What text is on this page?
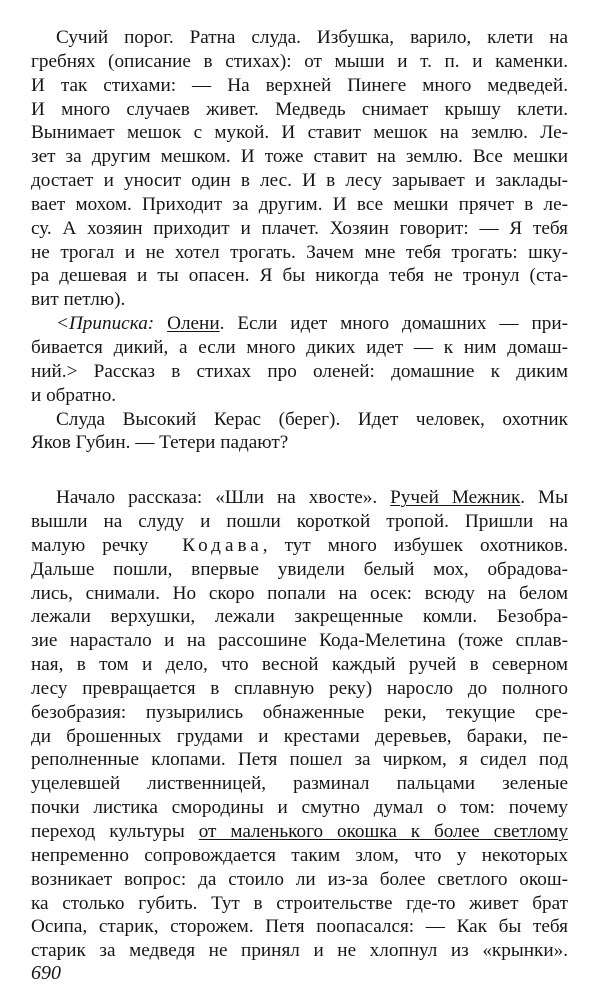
Сучий порог. Ратна слуда. Избушка, варило, клети на
гребнях (описание в стихах): от мыши и т. п. и каменки.
И так стихами: — На верхней Пинеге много медведей.
И много случаев живет. Медведь снимает крышу клети.
Вынимает мешок с мукой. И ставит мешок на землю. Ле-
зет за другим мешком. И тоже ставит на землю. Все мешки
достает и уносит один в лес. И в лесу зарывает и заклады-
вает мохом. Приходит за другим. И все мешки прячет в ле-
су. А хозяин приходит и плачет. Хозяин говорит: — Я тебя
не трогал и не хотел трогать. Зачем мне тебя трогать: шку-
ра дешевая и ты опасен. Я бы никогда тебя не тронул (ста-
вит петлю).
<Приписка: Олени. Если идет много домашних — при-
бивается дикий, а если много диких идет — к ним домаш-
ний.> Рассказ в стихах про оленей: домашние к диким
и обратно.
Слуда Высокий Керас (берег). Идет человек, охотник
Яков Губин. — Тетери падают?
Начало рассказа: «Шли на хвосте». Ручей Межник. Мы
вышли на слуду и пошли короткой тропой. Пришли на
малую речку Кодава, тут много избушек охотников.
Дальше пошли, впервые увидели белый мох, обрадова-
лись, снимали. Но скоро попали на осек: всюду на белом
лежали верхушки, лежали закрещенные комли. Безобра-
зие нарастало и на рассошине Кода-Мелетина (тоже сплав-
ная, в том и дело, что весной каждый ручей в северном
лесу превращается в сплавную реку) наросло до полного
безобразия: пузырились обнаженные реки, текущие сре-
ди брошенных грудами и крестами деревьев, бараки, пе-
реполненные клопами. Петя пошел за чирком, я сидел под
уцелевшей лиственницей, разминал пальцами зеленые
почки листика смородины и смутно думал о том: почему
переход культуры от маленького окошка к более светлому
непременно сопровождается таким злом, что у некоторых
возникает вопрос: да стоило ли из-за более светлого окош-
ка столько губить. Тут в строительстве где-то живет брат
Осипа, старик, сторожем. Петя поопасался: — Как бы тебя
старик за медведя не принял и не хлопнул из «крынки».
690
